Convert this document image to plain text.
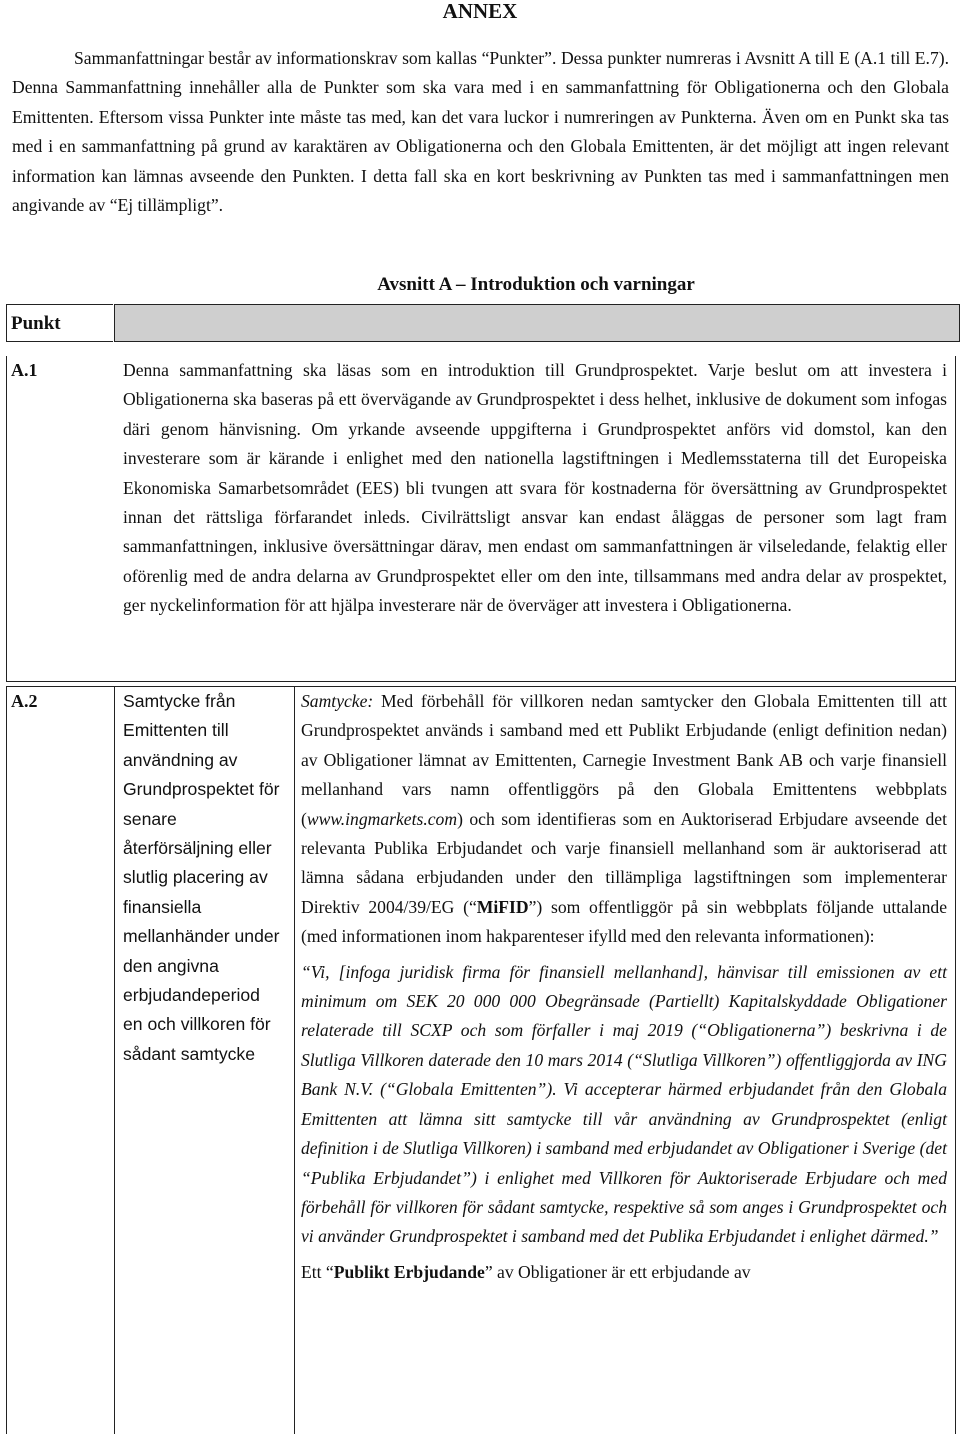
ANNEX

Sammanfattningar består av informationskrav som kallas “Punkter”. Dessa punkter numreras i Avsnitt A till E (A.1 till E.7). Denna Sammanfattning innehåller alla de Punkter som ska vara med i en sammanfattning för Obligationerna och den Globala Emittenten. Eftersom vissa Punkter inte måste tas med, kan det vara luckor i numreringen av Punkterna. Även om en Punkt ska tas med i en sammanfattning på grund av karaktären av Obligationerna och den Globala Emittenten, är det möjligt att ingen relevant information kan lämnas avseende den Punkten. I detta fall ska en kort beskrivning av Punkten tas med i sammanfattningen men angivande av “Ej tillämpligt”.

Avsnitt A – Introduktion och varningar
Punkt
A.1	Denna sammanfattning ska läsas som en introduktion till Grundprospektet. Varje beslut om att investera i Obligationerna ska baseras på ett övervägande av Grundprospektet i dess helhet, inklusive de dokument som infogas däri genom hänvisning. Om yrkande avseende uppgifterna i Grundprospektet anförs vid domstol, kan den investerare som är kärande i enlighet med den nationella lagstiftningen i Medlemsstaterna till det Europeiska Ekonomiska Samarbetsområdet (EES) bli tvungen att svara för kostnaderna för översättning av Grundprospektet innan det rättsliga förfarandet inleds. Civilrättsligt ansvar kan endast åläggas de personer som lagt fram sammanfattningen, inklusive översättningar därav, men endast om sammanfattningen är vilseledande, felaktig eller oförenlig med de andra delarna av Grundprospektet eller om den inte, tillsammans med andra delar av prospektet, ger nyckelinformation för att hjälpa investerare när de överväger att investera i Obligationerna.

A.2	Samtycke från Emittenten till användning av Grundprospektet för senare återförsäljning eller slutlig placering av finansiella mellanhänder under den angivna erbjudandeperiod en och villkoren för sådant samtycke

Samtycke: Med förbehåll för villkoren nedan samtycker den Globala Emittenten till att Grundprospektet används i samband med ett Publikt Erbjudande (enligt definition nedan) av Obligationer lämnat av Emittenten, Carnegie Investment Bank AB och varje finansiell mellanhand vars namn offentliggörs på den Globala Emittentens webbplats (www.ingmarkets.com) och som identifieras som en Auktoriserad Erbjudare avseende det relevanta Publika Erbjudandet och varje finansiell mellanhand som är auktoriserad att lämna sådana erbjudanden under den tillämpliga lagstiftningen som implementerar Direktiv 2004/39/EG (“MiFID”) som offentliggör på sin webbplats följande uttalande (med informationen inom hakparenteser ifylld med den relevanta informationen):

“Vi, [infoga juridisk firma för finansiell mellanhand], hänvisar till emissionen av ett minimum om SEK 20 000 000 Obegränsade (Partiellt) Kapitalskyddade Obligationer relaterade till SCXP och som förfaller i maj 2019 (“Obligationerna”) beskrivna i de Slutliga Villkoren daterade den 10 mars 2014 (“Slutliga Villkoren”) offentliggjorda av ING Bank N.V. (“Globala Emittenten”). Vi accepterar härmed erbjudandet från den Globala Emittenten att lämna sitt samtycke till vår användning av Grundprospektet (enligt definition i de Slutliga Villkoren) i samband med erbjudandet av Obligationer i Sverige (det “Publika Erbjudandet”) i enlighet med Villkoren för Auktoriserade Erbjudare och med förbehåll för villkoren för sådant samtycke, respektive så som anges i Grundprospektet och vi använder Grundprospektet i samband med det Publika Erbjudandet i enlighet därmed.”

Ett “Publikt Erbjudande” av Obligationer är ett erbjudande av
